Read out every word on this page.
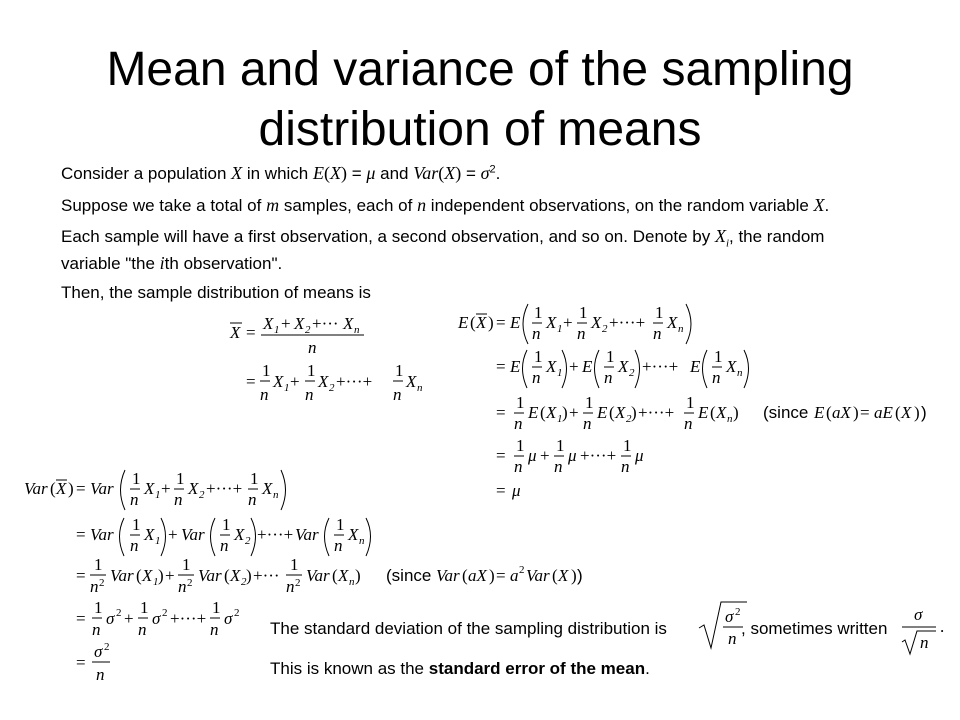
Mean and variance of the sampling
distribution of means
Consider a population X in which E(X) = μ and $Var(X) = \sigma^2$.
Suppose we take a total of m samples, each of n independent observations, on the random variable X.
Each sample will have a first observation, a second observation, and so on. Denote by $X_i$, the random
variable "the ith observation".
Then, the sample distribution of means is
X = X 1 + X 2 +··· X n
n
=
1
n
X 1 +
1
n
X 2 +···+
1
n
X n
E ( X ) = E
1
n
X 1 +
1
n
X 2 +···+
1
n
X n
= E
1
n
X 1 + E
1
n
X 2 +···+ E
1
n
X n
=
1
n
E ( X 1 ) +
1
n
E ( X 2 ) +···+
1
n
E ( X n ) (since E ( aX ) = aE ( X ) )
=
1
n
μ +
1
n
μ +···+
1
n
μ
= μ
Var ( X ) = Var
1
n
X 1 +
1
n
X 2 +···+
1
n
X n
= Var
1
n
X 1 + Var
1
n
X 2 +···+ Var
1
n
X n
=
1
n 2 Var ( X 1 ) +
1
n 2 Var ( X 2 ) +···
1
n 2 Var ( X n ) (since Var ( aX ) = a 2 Var ( X ) )
=
1
n
σ 2 +
1
n
σ 2 +···+
1
n
σ 2
=
σ 2
n
The standard deviation of the sampling distribution is
σ 2
n
, sometimes written
σ
n
.
This is known as the standard error of the mean.
